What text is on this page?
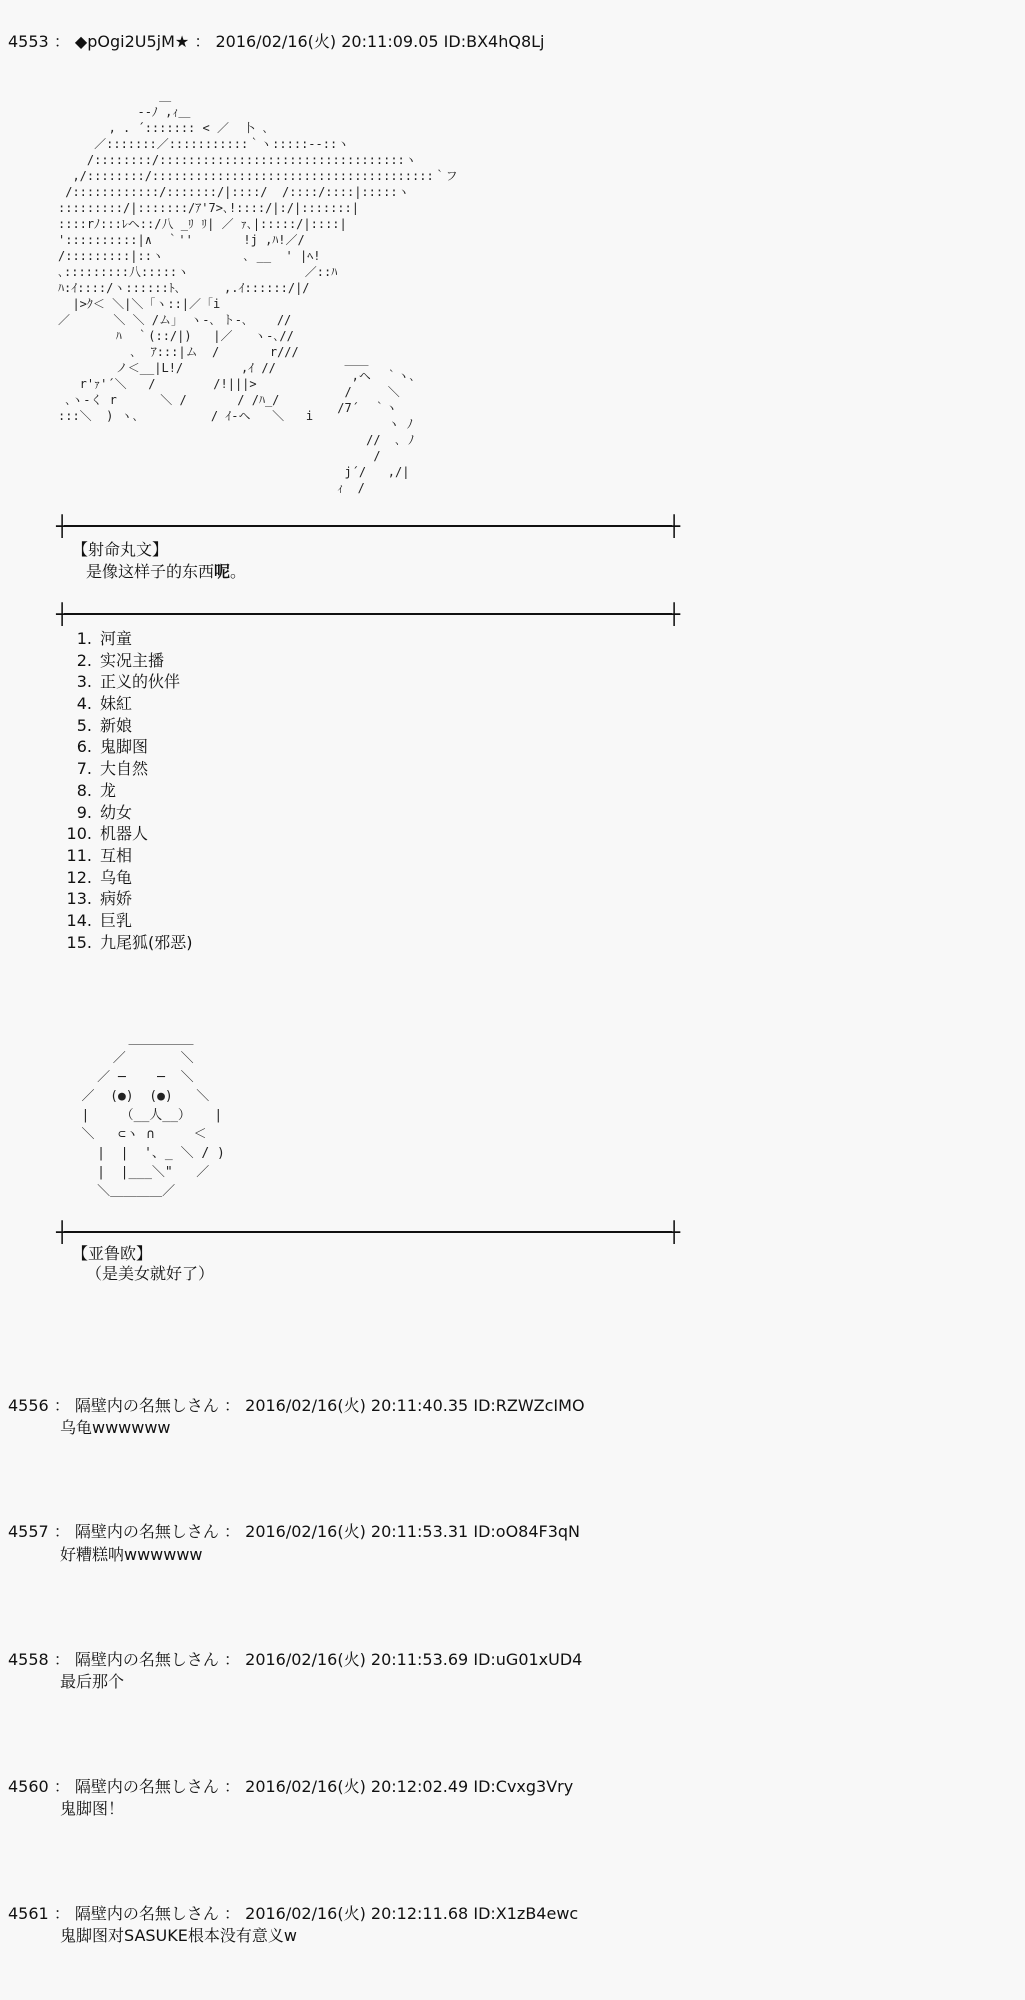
4553 ： ◆pOgi2U5jM★ ： 2016/02/16(火) 20:11:09.05 ID:BX4hQ8Lj
＿
-‐ﾉ ,ｨ＿
, . ´::::::: < ／  卜 ､
／:::::::／:::::::::::｀ヽ:::::‐‐::ヽ
/::::::::/::::::::::::::::::::::::::::::::::ヽ
,/::::::::/:::::::::::::::::::::::::::::::::::::::｀フ
/::::::::::::/:::::::/|::::/  /::::/::::|:::::ヽ
:::::::::/|:::::::/ｱ'7>､!::::/|:/|:::::::|
::::rﾉ:::ﾚヘ::/八 _ﾘ ﾘ| ／ ｧ､|:::::/|::::|
'::::::::::|∧  ｀''       !j ,ﾊ!／/
/:::::::::|::ヽ           ､ __  ' |ﾍ!
､:::::::::八:::::ヽ                ／::ﾊ
ﾊ:ｲ::::/ヽ::::::ﾄ､      ,.ｲ::::::/|/
|>ｸ＜ ＼|＼「ヽ::|／「i
／      ＼ ＼ /ム」 ヽ‐､ ト‐､    //
ﾊ  ｀(::/|)   |／   ヽ‐､//
､  ｱ:::|ム  /       r///
ノ＜__|L!/        ,ｲ //
r'ｧ'´＼   /        /!|||>
､ヽ‐く r      ＼ /       / /ﾊ_/
:::＼  ) ヽ､          / ｲ‐ヘ   ＼   i
＿＿
,ヘ  ｀ヽ､
/     ＼
/7´  ｀ヽ
ヽ ﾉ
//  ､ ﾉ
/
j´/   ,/|
ｨ  /
┼	┼
【射命丸文】
是像这样子的东西呢。
┼	┼
1. 河童
2. 实况主播
3. 正义的伙伴
4. 妹紅
5. 新娘
6. 鬼脚图
7. 大自然
8. 龙
9. 幼女
10. 机器人
11. 互相
12. 乌龟
13. 病娇
14. 巨乳
15. 九尾狐(邪恶)
＿＿＿＿＿
／       ＼
／ ─    ─  ＼
／  (●)  (●)   ＼
|    （__人__）   |
＼   ⊂ヽ ∩     ＜
|  |  '、_ ＼ / )
|  |___＼"   ／
＼＿＿＿＿／
┼	┼
【亚鲁欧】
（是美女就好了）
4556 ： 隔壁内の名無しさん ： 2016/02/16(火) 20:11:40.35 ID:RZWZcIMO
乌龟wwwwww
4557 ： 隔壁内の名無しさん ： 2016/02/16(火) 20:11:53.31 ID:oO84F3qN
好糟糕呐wwwwww
4558 ： 隔壁内の名無しさん ： 2016/02/16(火) 20:11:53.69 ID:uG01xUD4
最后那个
4560 ： 隔壁内の名無しさん ： 2016/02/16(火) 20:12:02.49 ID:Cvxg3Vry
鬼脚图！
4561 ： 隔壁内の名無しさん ： 2016/02/16(火) 20:12:11.68 ID:X1zB4ewc
鬼脚图对SASUKE根本没有意义w
